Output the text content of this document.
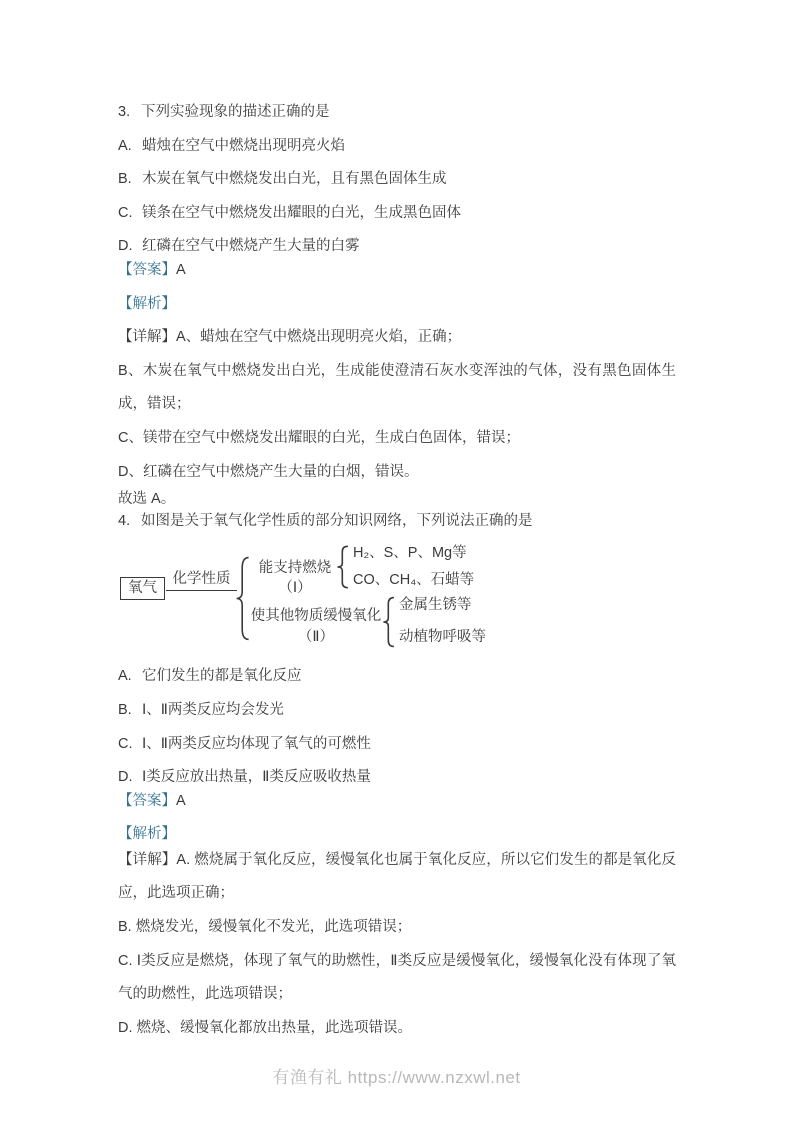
3. 下列实验现象的描述正确的是

A. 蜡烛在空气中燃烧出现明亮火焰

B. 木炭在氧气中燃烧发出白光，且有黑色固体生成

C. 镁条在空气中燃烧发出耀眼的白光，生成黑色固体

D. 红磷在空气中燃烧产生大量的白雾

【答案】A

【解析】

【详解】A、蜡烛在空气中燃烧出现明亮火焰，正确；

B、木炭在氧气中燃烧发出白光，生成能使澄清石灰水变浑浊的气体，没有黑色固体生成，错误；

C、镁带在空气中燃烧发出耀眼的白光，生成白色固体，错误；

D、红磷在空气中燃烧产生大量的白烟，错误。

故选 A。

4. 如图是关于氧气化学性质的部分知识网络，下列说法正确的是

氧气
化学性质
能支持燃烧
（Ⅰ）
H₂、S、P、Mg等
CO、CH₄、石蜡等
使其他物质缓慢氧化
（Ⅱ）
金属生锈等
动植物呼吸等

A. 它们发生的都是氧化反应

B. Ⅰ、Ⅱ两类反应均会发光

C. Ⅰ、Ⅱ两类反应均体现了氧气的可燃性

D. Ⅰ类反应放出热量，Ⅱ类反应吸收热量

【答案】A

【解析】

【详解】A. 燃烧属于氧化反应，缓慢氧化也属于氧化反应，所以它们发生的都是氧化反应，此选项正确；

B. 燃烧发光，缓慢氧化不发光，此选项错误；

C. Ⅰ类反应是燃烧，体现了氧气的助燃性，Ⅱ类反应是缓慢氧化，缓慢氧化没有体现了氧气的助燃性，此选项错误；

D. 燃烧、缓慢氧化都放出热量，此选项错误。

有渔有礼 https://www.nzxwl.net
